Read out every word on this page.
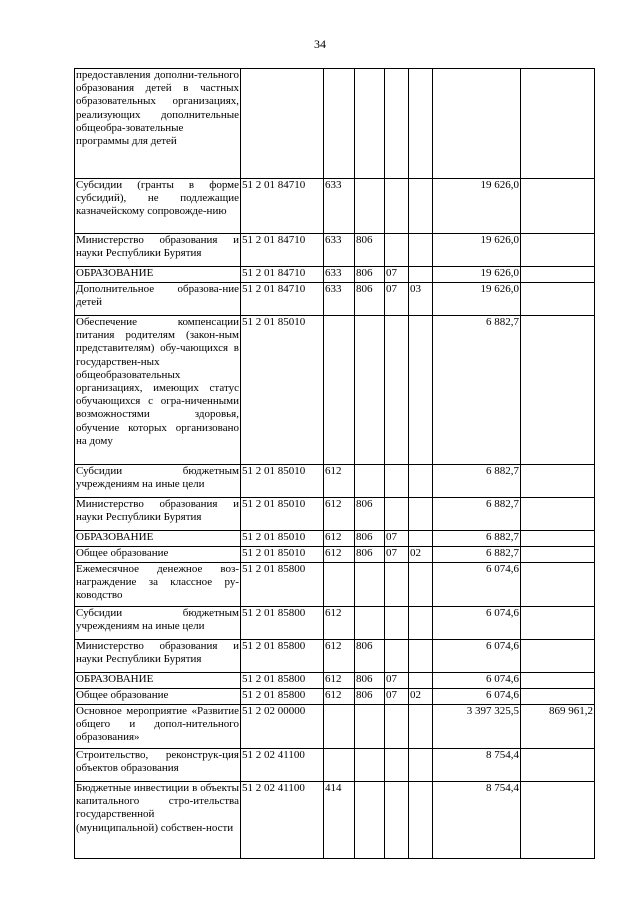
34
предоставления дополни-тельного образования детей в частных образовательных организациях, реализующих дополнительные общеобра-зовательные программы для детей							
Субсидии (гранты в форме субсидий), не подлежащие казначейскому сопровожде-нию	51 2 01 84710	633				19 626,0	
Министерство образования и науки Республики Бурятия	51 2 01 84710	633	806			19 626,0	
ОБРАЗОВАНИЕ	51 2 01 84710	633	806	07		19 626,0	
Дополнительное образова-ние детей	51 2 01 84710	633	806	07	03	19 626,0	
Обеспечение компенсации питания родителям (закон-ным представителям) обу-чающихся в государствен-ных общеобразовательных организациях, имеющих статус обучающихся с огра-ниченными возможностями здоровья, обучение которых организовано на дому	51 2 01 85010					6 882,7	
Субсидии бюджетным учреждениям на иные цели	51 2 01 85010	612				6 882,7	
Министерство образования и науки Республики Бурятия	51 2 01 85010	612	806			6 882,7	
ОБРАЗОВАНИЕ	51 2 01 85010	612	806	07		6 882,7	
Общее образование	51 2 01 85010	612	806	07	02	6 882,7	
Ежемесячное денежное воз-награждение за классное ру-ководство	51 2 01 85800					6 074,6	
Субсидии бюджетным учреждениям на иные цели	51 2 01 85800	612				6 074,6	
Министерство образования и науки Республики Бурятия	51 2 01 85800	612	806			6 074,6	
ОБРАЗОВАНИЕ	51 2 01 85800	612	806	07		6 074,6	
Общее образование	51 2 01 85800	612	806	07	02	6 074,6	
Основное мероприятие «Развитие общего и допол-нительного образования»	51 2 02 00000					3 397 325,5	869 961,2
Строительство, реконструк-ция объектов образования	51 2 02 41100					8 754,4	
Бюджетные инвестиции в объекты капитального стро-ительства государственной (муниципальной) собствен-ности	51 2 02 41100	414				8 754,4	
